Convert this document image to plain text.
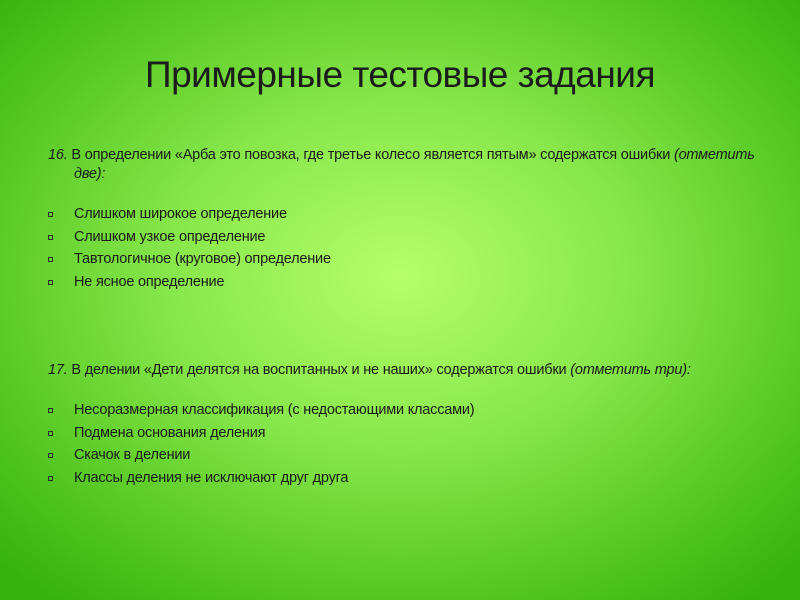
Примерные тестовые задания
16. В определении «Арба это повозка, где третье колесо является пятым» содержатся ошибки (отметить
две):
Слишком широкое определение
Слишком узкое определение
Тавтологичное (круговое) определение
Не ясное определение
17. В делении «Дети делятся на воспитанных и не наших» содержатся ошибки (отметить три):
Несоразмерная классификация (с недостающими классами)
Подмена основания деления
Скачок в делении
Классы деления не исключают друг друга
